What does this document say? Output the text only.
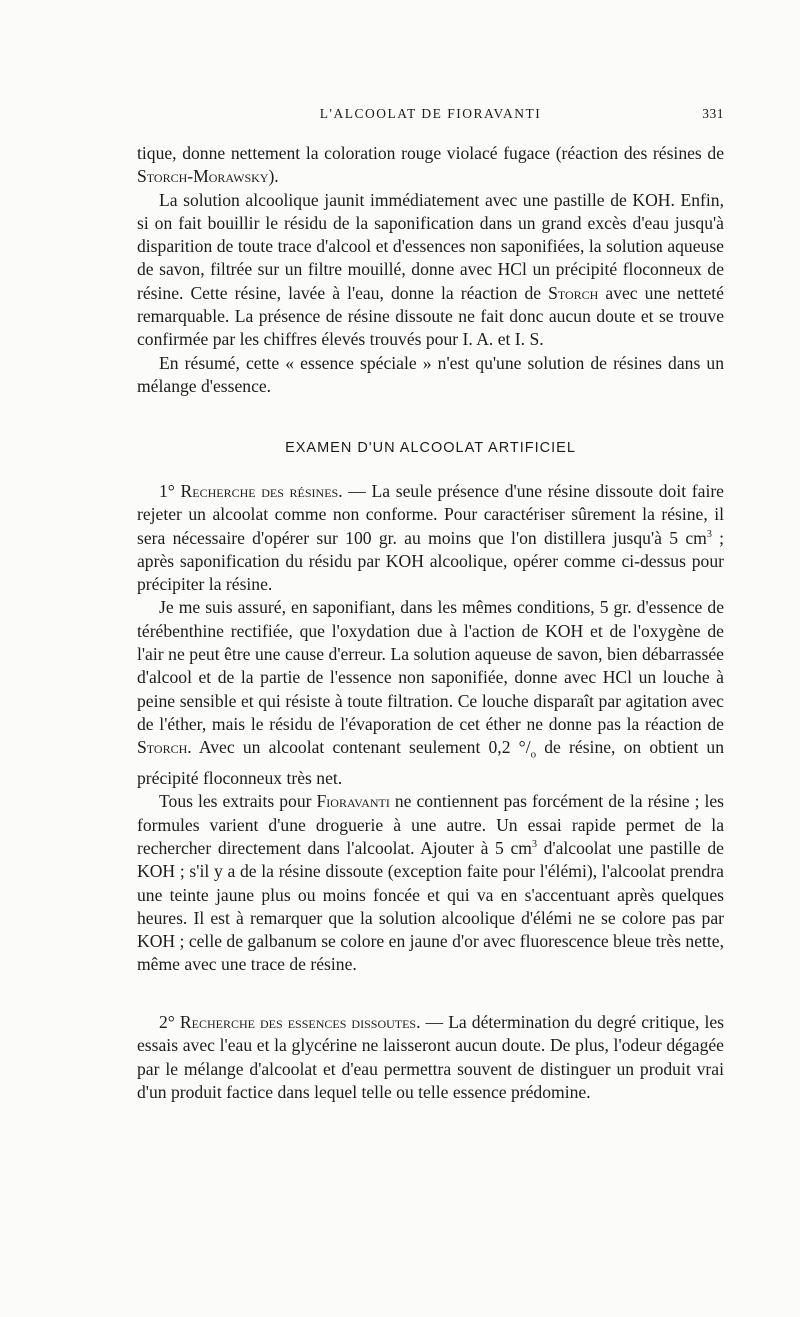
L'ALCOOLAT DE FIORAVANTI	331

tique, donne nettement la coloration rouge violacé fugace (réaction des résines de Storch-Morawsky).

La solution alcoolique jaunit immédiatement avec une pastille de KOH. Enfin, si on fait bouillir le résidu de la saponification dans un grand excès d'eau jusqu'à disparition de toute trace d'alcool et d'essences non saponifiées, la solution aqueuse de savon, filtrée sur un filtre mouillé, donne avec HCl un précipité floconneux de résine. Cette résine, lavée à l'eau, donne la réaction de Storch avec une netteté remarquable. La présence de résine dissoute ne fait donc aucun doute et se trouve confirmée par les chiffres élevés trouvés pour I. A. et I. S.

En résumé, cette « essence spéciale » n'est qu'une solution de résines dans un mélange d'essence.

EXAMEN D'UN ALCOOLAT ARTIFICIEL

1° Recherche des résines. — La seule présence d'une résine dissoute doit faire rejeter un alcoolat comme non conforme. Pour caractériser sûrement la résine, il sera nécessaire d'opérer sur 100 gr. au moins que l'on distillera jusqu'à 5 $cm^3$ ; après saponification du résidu par KOH alcoolique, opérer comme ci-dessus pour précipiter la résine.

Je me suis assuré, en saponifiant, dans les mêmes conditions, 5 gr. d'essence de térébenthine rectifiée, que l'oxydation due à l'action de KOH et de l'oxygène de l'air ne peut être une cause d'erreur. La solution aqueuse de savon, bien débarrassée d'alcool et de la partie de l'essence non saponifiée, donne avec HCl un louche à peine sensible et qui résiste à toute filtration. Ce louche disparaît par agitation avec de l'éther, mais le résidu de l'évaporation de cet éther ne donne pas la réaction de Storch. Avec un alcoolat contenant seulement 0,2 $^\circ/_o$ de résine, on obtient un précipité floconneux très net.

Tous les extraits pour Fioravanti ne contiennent pas forcément de la résine ; les formules varient d'une droguerie à une autre. Un essai rapide permet de la rechercher directement dans l'alcoolat. Ajouter à 5 $cm^3$ d'alcoolat une pastille de KOH ; s'il y a de la résine dissoute (exception faite pour l'élémi), l'alcoolat prendra une teinte jaune plus ou moins foncée et qui va en s'accentuant après quelques heures. Il est à remarquer que la solution alcoolique d'élémi ne se colore pas par KOH ; celle de galbanum se colore en jaune d'or avec fluorescence bleue très nette, même avec une trace de résine.

2° Recherche des essences dissoutes. — La détermination du degré critique, les essais avec l'eau et la glycérine ne laisseront aucun doute. De plus, l'odeur dégagée par le mélange d'alcoolat et d'eau permettra souvent de distinguer un produit vrai d'un produit factice dans lequel telle ou telle essence prédomine.
